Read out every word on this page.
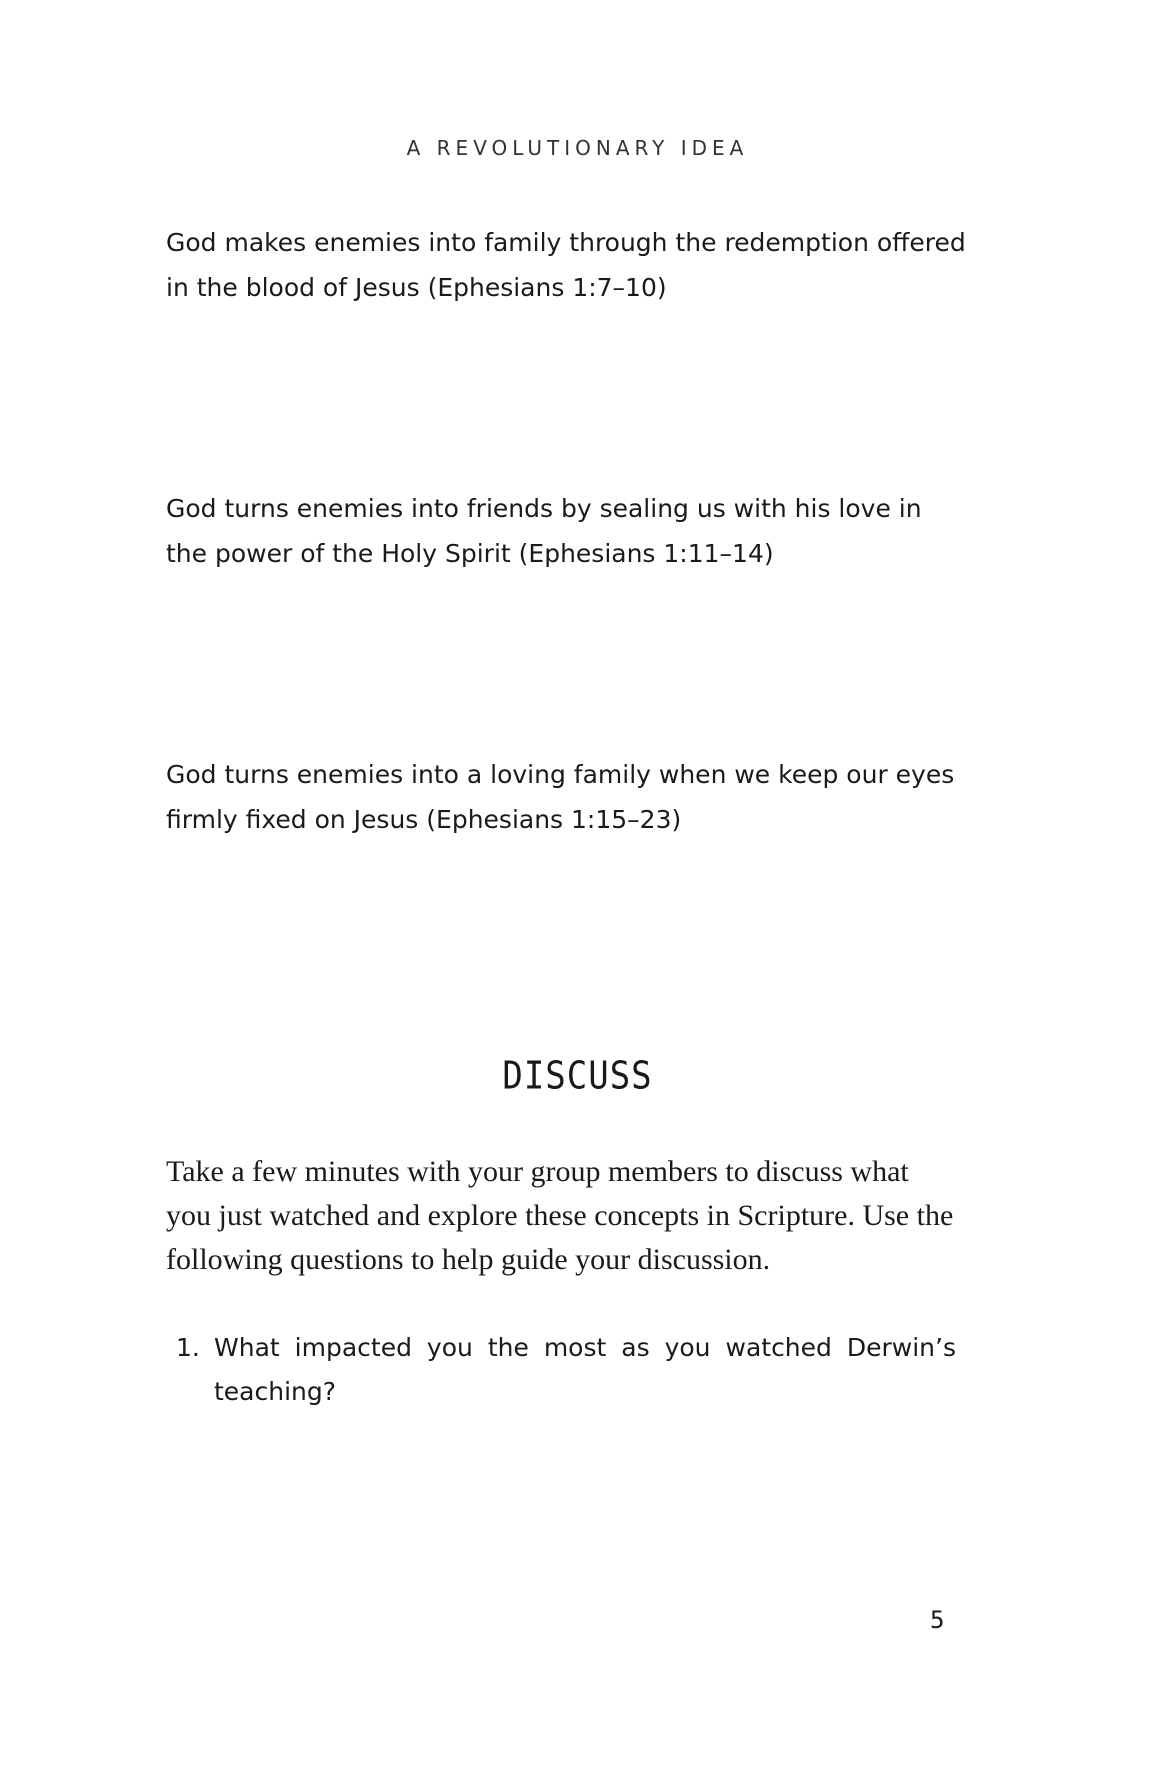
A REVOLUTIONARY IDEA

God makes enemies into family through the redemption offered in the blood of Jesus (Ephesians 1:7–10)

God turns enemies into friends by sealing us with his love in the power of the Holy Spirit (Ephesians 1:11–14)

God turns enemies into a loving family when we keep our eyes firmly fixed on Jesus (Ephesians 1:15–23)

DISCUSS

Take a few minutes with your group members to discuss what you just watched and explore these concepts in Scripture. Use the following questions to help guide your discussion.

1. What impacted you the most as you watched Derwin’s teaching?
5
